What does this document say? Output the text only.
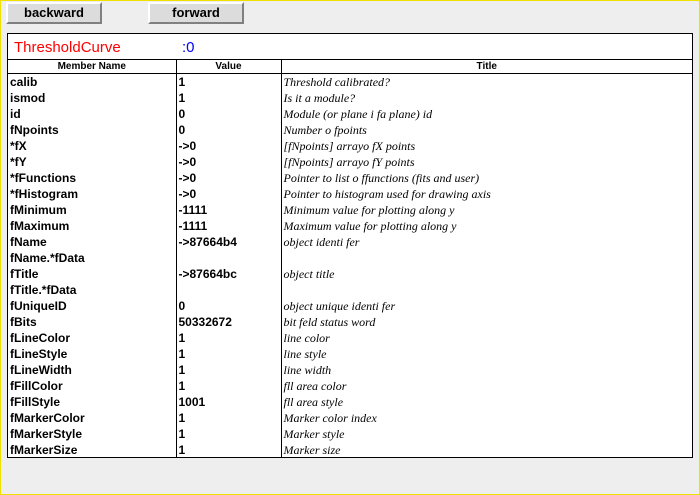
backward	forward
ThresholdCurve	:0
Member Name	Value	Title
calib	1	Threshold calibrated?
ismod	1	Is it a module?
id	0	Module (or plane i fa plane) id
fNpoints	0	Number o fpoints
*fX	->0	[fNpoints] arrayo fX points
*fY	->0	[fNpoints] arrayo fY points
*fFunctions	->0	Pointer to list o ffunctions (fits and user)
*fHistogram	->0	Pointer to histogram used for drawing axis
fMinimum	-1111	Minimum value for plotting along y
fMaximum	-1111	Maximum value for plotting along y
fName	->87664b4	object identi fer
fName.*fData		
fTitle	->87664bc	object title
fTitle.*fData		
fUniqueID	0	object unique identi fer
fBits	50332672	bit feld status word
fLineColor	1	line color
fLineStyle	1	line style
fLineWidth	1	line width
fFillColor	1	fll area color
fFillStyle	1001	fll area style
fMarkerColor	1	Marker color index
fMarkerStyle	1	Marker style
fMarkerSize	1	Marker size
